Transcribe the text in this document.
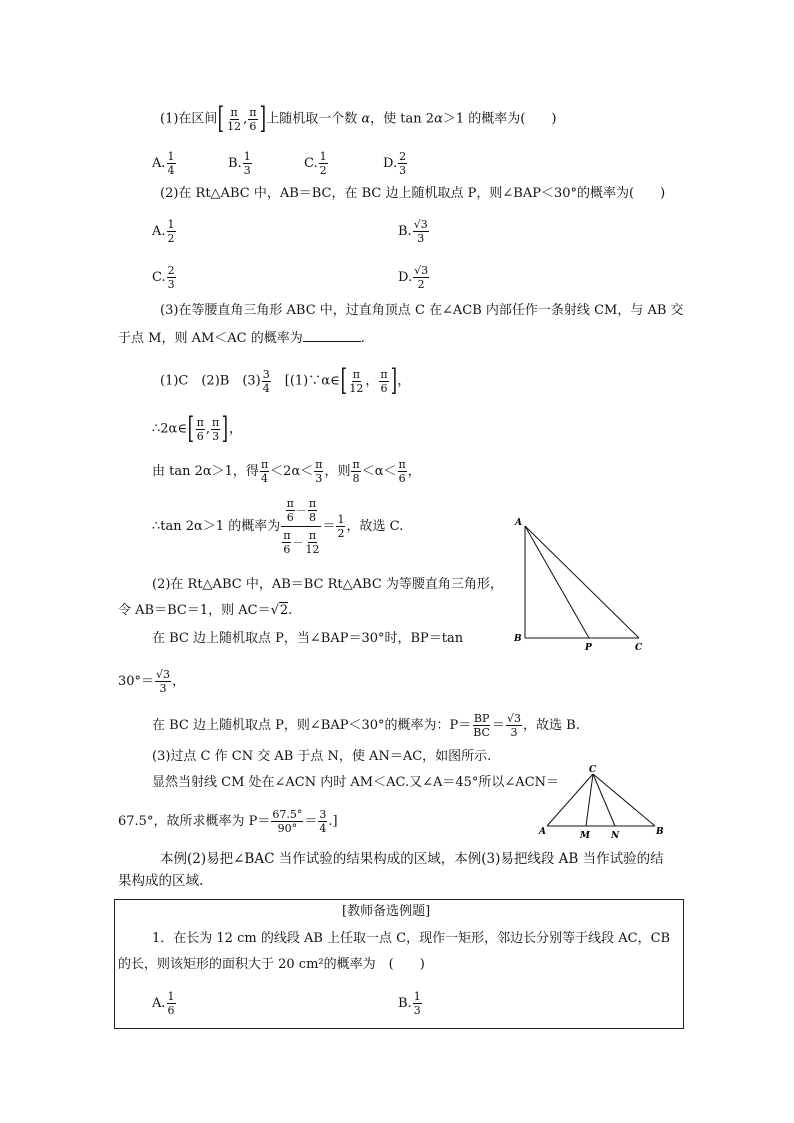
(1)在区间[ $\frac{\pi}{12}$ , $\frac{\pi}{6}$ ]上随机取一个数 α，使 tan 2α＞1 的概率为(　　)
A. $\frac{1}{4}$	B. $\frac{1}{3}$	C. $\frac{1}{2}$	D. $\frac{2}{3}$
(2)在 Rt△ABC 中，AB＝BC，在 BC 边上随机取点 P，则∠BAP＜30°的概率为(　　)
A. $\frac{1}{2}$	B. $\frac{√3}{3}$
C. $\frac{2}{3}$	D. $\frac{√3}{2}$
(3)在等腰直角三角形 ABC 中，过直角顶点 C 在∠ACB 内部任作一条射线 CM，与 AB 交
于点 M，则 AM＜AC 的概率为	.
(1)C　(2)B　$(3) \frac{3}{4}$
　 [(1)∵α∈[ $\frac{\pi}{12}$ ， $\frac{\pi}{6}$ ]，
∴2α∈[ $\frac{\pi}{6}$ , $\frac{\pi}{3}$ ]，
由 tan 2α＞1，得 $\frac{\pi}{4} <2\alpha< \frac{\pi}{3}$ ，则 $\frac{\pi}{8} <\alpha< \frac{\pi}{6}$ ，
∴tan 2α＞1 的概率为 $\frac{\frac{\pi}{6} - \frac{\pi}{8}}{\frac{\pi}{6} - \frac{\pi}{12}} = \frac{1}{2}$ ，故选 C.
(2)在 Rt△ABC 中，AB＝BC Rt△ABC 为等腰直角三角形，
令 AB＝BC＝1，则 AC＝√2.
在 BC 边上随机取点 P，当∠BAP＝30°时，BP＝tan
$30^\circ= \frac{√3}{3}$ ，
在 BC 边上随机取点 P，则∠BAP＜30°的概率为：$P= \frac{BP}{BC} = \frac{√3}{3}$ ，故选 B.
(3)过点 C 作 CN 交 AB 于点 N，使 AN＝AC，如图所示.
显然当射线 CM 处在∠ACN 内时 AM＜AC.又∠A＝45°所以∠ACN＝
67.5°，故所求概率为 $P= \frac{67.5^\circ}{90^\circ} = \frac{3}{4}$ .]
本例(2)易把∠BAC 当作试验的结果构成的区域，本例(3)易把线段 AB 当作试验的结
果构成的区域.
[教师备选例题]
1．在长为 12 cm 的线段 AB 上任取一点 C，现作一矩形，邻边长分别等于线段 AC，CB
的长，则该矩形的面积大于 20 cm²的概率为　(　　)
A. $\frac{1}{6}$	B. $\frac{1}{3}$
A
B
P	C
C
A	M N	B
